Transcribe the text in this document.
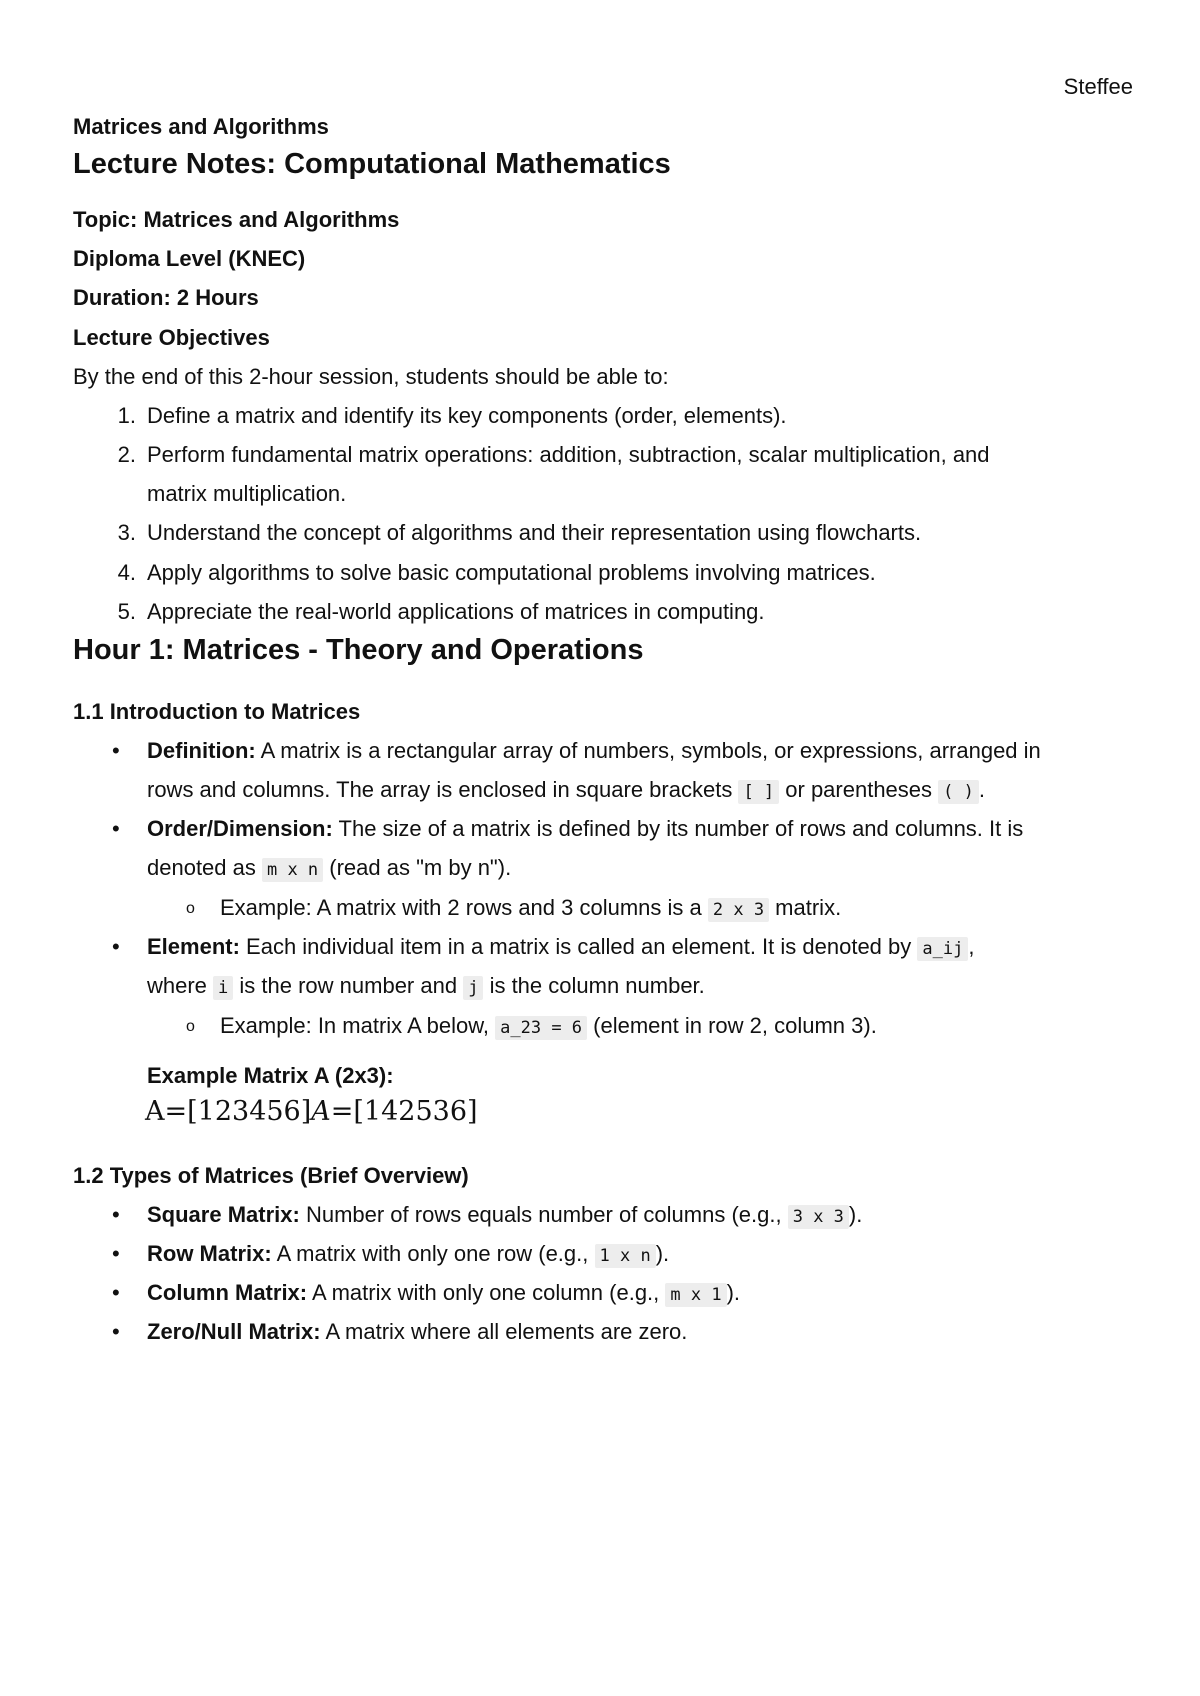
Steffee

Matrices and Algorithms

Lecture Notes: Computational Mathematics

Topic: Matrices and Algorithms

Diploma Level (KNEC)

Duration: 2 Hours

Lecture Objectives

By the end of this 2-hour session, students should be able to:

1. Define a matrix and identify its key components (order, elements).

2. Perform fundamental matrix operations: addition, subtraction, scalar multiplication, and

matrix multiplication.

3. Understand the concept of algorithms and their representation using flowcharts.

4. Apply algorithms to solve basic computational problems involving matrices.

5. Appreciate the real-world applications of matrices in computing.

Hour 1: Matrices - Theory and Operations
1.1 Introduction to Matrices
• Definition: A matrix is a rectangular array of numbers, symbols, or expressions, arranged in

rows and columns. The array is enclosed in square brackets [ ] or parentheses ( ) .

• Order/Dimension: The size of a matrix is defined by its number of rows and columns. It is

denoted as m x n (read as "m by n").

o Example: A matrix with 2 rows and 3 columns is a 2 x 3 matrix.

• Element: Each individual item in a matrix is called an element. It is denoted by a_ij ,

where i is the row number and j is the column number.

o Example: In matrix A below, a_23 = 6 (element in row 2, column 3).

Example Matrix A (2x3):

A=[123456]A=[142536]

1.2 Types of Matrices (Brief Overview)
• Square Matrix: Number of rows equals number of columns (e.g., 3 x 3 ).

• Row Matrix: A matrix with only one row (e.g., 1 x n ).

• Column Matrix: A matrix with only one column (e.g., m x 1 ).

• Zero/Null Matrix: A matrix where all elements are zero.
